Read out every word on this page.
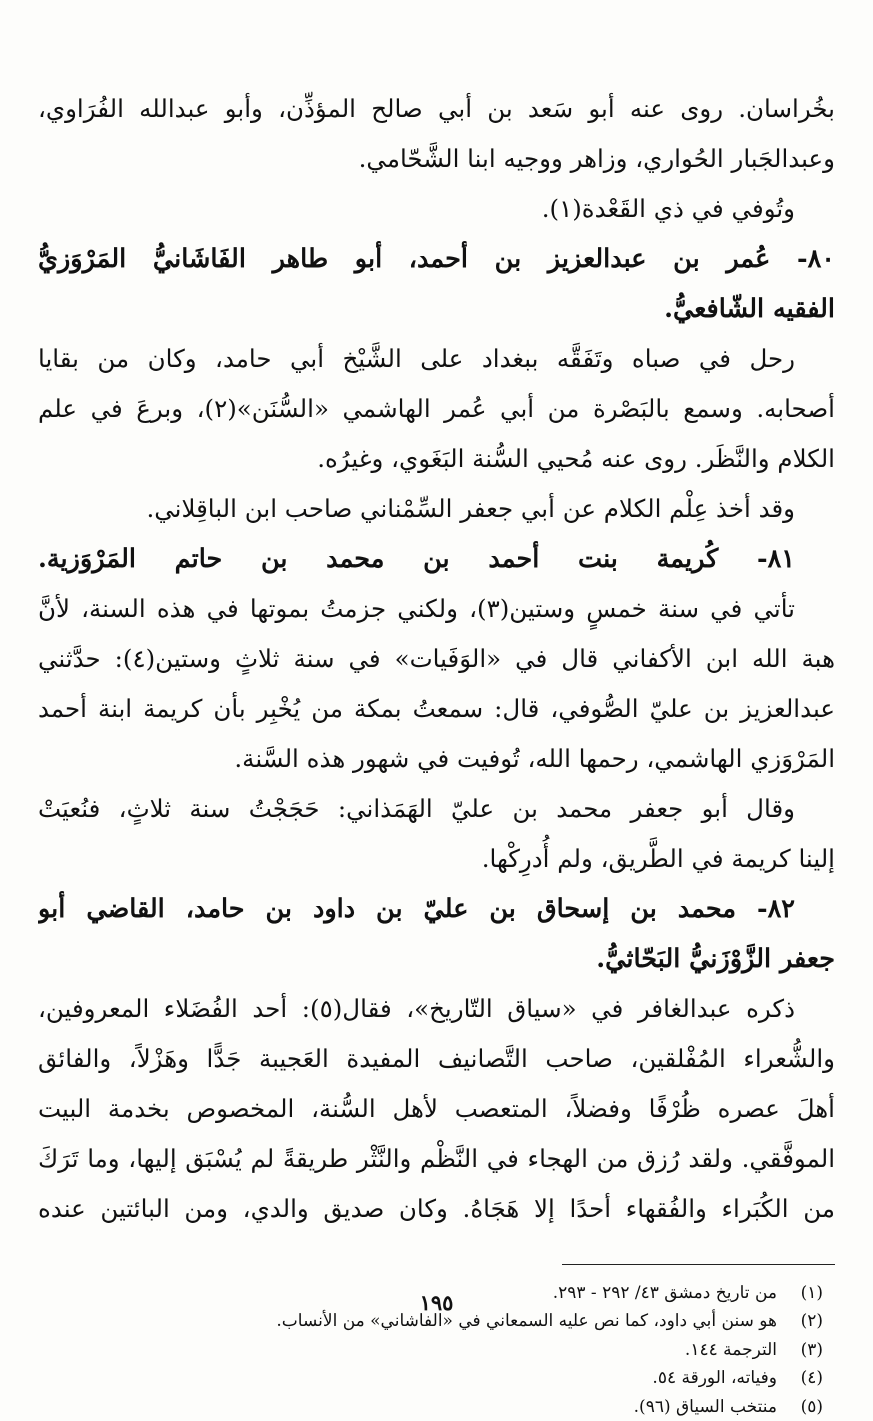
بخُراسان. روى عنه أبو سَعد بن أبي صالح المؤذِّن، وأبو عبدالله الفُرَاوي،
وعبدالجَبار الحُواري، وزاهر ووجيه ابنا الشَّحّامي.
وتُوفي في ذي القَعْدة(١).
٨٠- عُمر بن عبدالعزيز بن أحمد، أبو طاهر الفَاشَانيُّ المَرْوَزيُّ
الفقيه الشّافعيُّ.
رحل في صباه وتَفَقَّه ببغداد على الشَّيْخ أبي حامد، وكان من بقايا
أصحابه. وسمع بالبَصْرة من أبي عُمر الهاشمي «السُّنَن»(٢)، وبرعَ في علم
الكلام والنَّظَر. روى عنه مُحيي السُّنة البَغَوي، وغيرُه.
وقد أخذ عِلْم الكلام عن أبي جعفر السِّمْناني صاحب ابن الباقِلاني.
٨١- كُريمة بنت أحمد بن محمد بن حاتم المَرْوَزية.
تأتي في سنة خمسٍ وستين(٣)، ولكني جزمتُ بموتها في هذه السنة، لأنَّ
هبة الله ابن الأكفاني قال في «الوَفَيات» في سنة ثلاثٍ وستين(٤): حدَّثني
عبدالعزيز بن عليّ الصُّوفي، قال: سمعتُ بمكة من يُخْبِر بأن كريمة ابنة أحمد
المَرْوَزي الهاشمي، رحمها الله، تُوفيت في شهور هذه السَّنة.
وقال أبو جعفر محمد بن عليّ الهَمَذاني: حَجَجْتُ سنة ثلاثٍ، فنُعيَتْ
إلينا كريمة في الطَّريق، ولم أُدرِكْها.
٨٢- محمد بن إسحاق بن عليّ بن داود بن حامد، القاضي أبو
جعفر الزَّوْزَنيُّ البَحّاثيُّ.
ذكره عبدالغافر في «سياق التّاريخ»، فقال(٥): أحد الفُضَلاء المعروفين،
والشُّعراء المُفْلقين، صاحب التَّصانيف المفيدة العَجيبة جَدًّا وهَزْلاً، والفائق
أهلَ عصره ظُرْفًا وفضلاً، المتعصب لأهل السُّنة، المخصوص بخدمة البيت
الموفَّقي. ولقد رُزق من الهجاء في النَّظْم والنَّثْر طريقةً لم يُسْبَق إليها، وما تَرَكَ
من الكُبَراء والفُقهاء أحدًا إلا هَجَاهُ. وكان صديق والدي، ومن البائتين عنده
(١)من تاريخ دمشق ٤٣/ ٢٩٢ - ٢٩٣.
(٢)هو سنن أبي داود، كما نص عليه السمعاني في «الفاشاني» من الأنساب.
(٣)الترجمة ١٤٤.
(٤)وفياته، الورقة ٥٤.
(٥)منتخب السياق (٩٦).
١٩٥
